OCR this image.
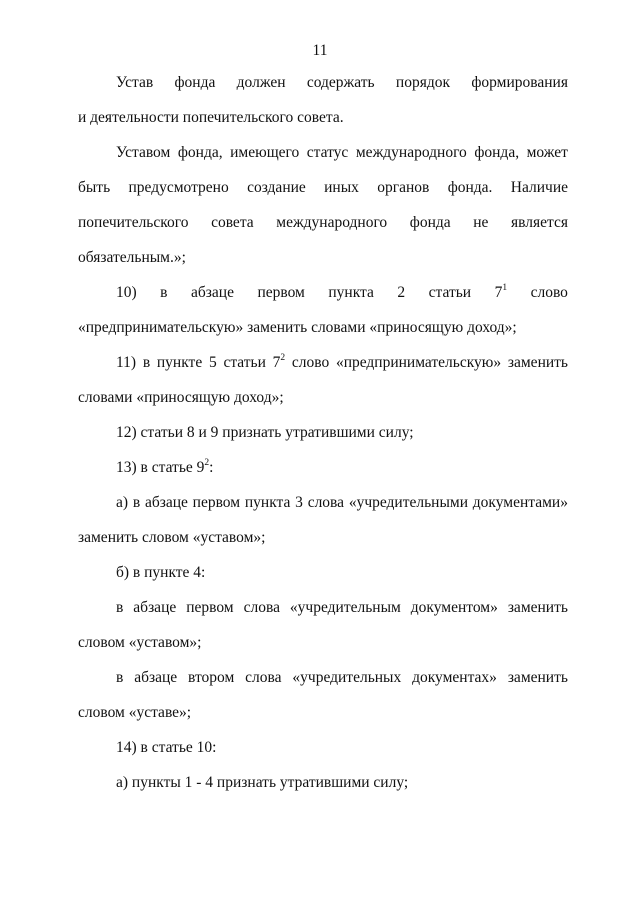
11
Устав фонда должен содержать порядок формирования
и деятельности попечительского совета.
Уставом фонда, имеющего статус международного фонда, может
быть предусмотрено создание иных органов фонда. Наличие
попечительского совета международного фонда не является
обязательным.»;
10) в абзаце первом пункта 2 статьи $7^1$ слово
«предпринимательскую» заменить словами «приносящую доход»;
11) в пункте 5 статьи $7^2$ слово «предпринимательскую» заменить
словами «приносящую доход»;
12) статьи 8 и 9 признать утратившими силу;
13) в статье $9^2$:
а) в абзаце первом пункта 3 слова «учредительными документами»
заменить словом «уставом»;
б) в пункте 4:
в абзаце первом слова «учредительным документом» заменить
словом «уставом»;
в абзаце втором слова «учредительных документах» заменить
словом «уставе»;
14) в статье 10:
а) пункты 1 - 4 признать утратившими силу;
